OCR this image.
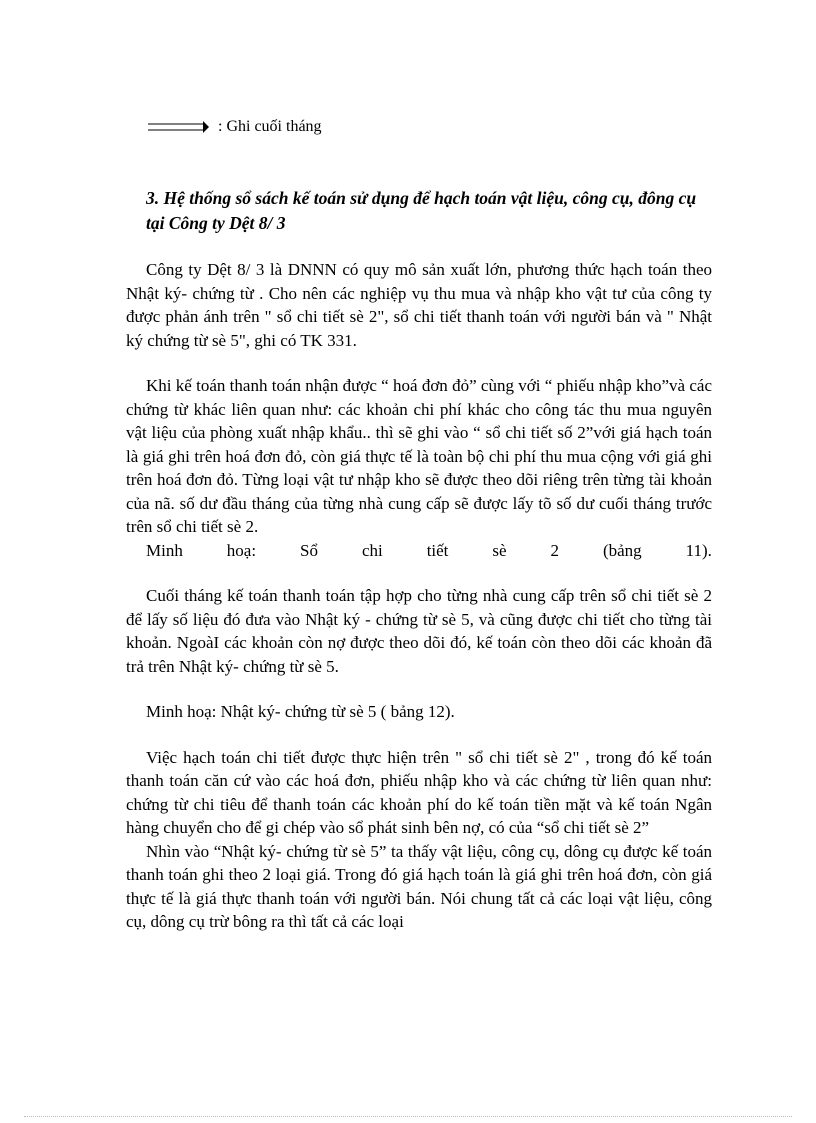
: Ghi cuối tháng
3. Hệ thống sổ sách kế toán sử dụng để hạch toán vật liệu, công cụ, đông cụ tại Công ty Dệt 8/ 3

Công ty Dệt 8/ 3 là DNNN có quy mô sản xuất lớn, phương thức hạch toán theo Nhật ký- chứng từ . Cho nên các nghiệp vụ thu mua và nhập kho vật tư của công ty được phản ánh trên " sổ chi tiết sè 2", sổ chi tiết thanh toán với người bán và " Nhật ký chứng từ sè 5", ghi có TK 331.

Khi kế toán thanh toán nhận được “ hoá đơn đỏ” cùng với “ phiếu nhập kho”và các chứng từ khác liên quan như: các khoản chi phí khác cho công tác thu mua nguyên vật liệu của phòng xuất nhập khẩu.. thì sẽ ghi vào “ sổ chi tiết số 2”với giá hạch toán là giá ghi trên hoá đơn đỏ, còn giá thực tế là toàn bộ chi phí thu mua cộng với giá ghi trên hoá đơn đỏ. Từng loại vật tư nhập kho sẽ được theo dõi riêng trên từng tài khoản của nã. số dư đầu tháng của từng nhà cung cấp sẽ được lấy tõ số dư cuối tháng trước trên sổ chi tiết sè 2.

Minh	hoạ:	Sổ	chi	tiết	sè	2	(bảng	11).

Cuối tháng kế toán thanh toán tập hợp cho từng nhà cung cấp trên sổ chi tiết sè 2 để lấy số liệu đó đưa vào Nhật ký - chứng từ sè 5, và cũng được chi tiết cho từng tài khoản. NgoàI các khoản còn nợ được theo dõi đó, kế toán còn theo dõi các khoản đã trả trên Nhật ký- chứng từ sè 5.

Minh hoạ: Nhật ký- chứng từ sè 5 ( bảng 12).

Việc hạch toán chi tiết được thực hiện trên " sổ chi tiết sè 2" , trong đó kế toán thanh toán căn cứ vào các hoá đơn, phiếu nhập kho và các chứng từ liên quan như: chứng từ chi tiêu để thanh toán các khoản phí do kế toán tiền mặt và kế toán Ngân hàng chuyển cho để gi chép vào sổ phát sinh bên nợ, có của “sổ chi tiết sè 2”

Nhìn vào “Nhật ký- chứng từ sè 5” ta thấy vật liệu, công cụ, dông cụ được kế toán thanh toán ghi theo 2 loại giá. Trong đó giá hạch toán là giá ghi trên hoá đơn, còn giá thực tế là giá thực thanh toán với người bán. Nói chung tất cả các loại vật liệu, công cụ, dông cụ trừ bông ra thì tất cả các loại
